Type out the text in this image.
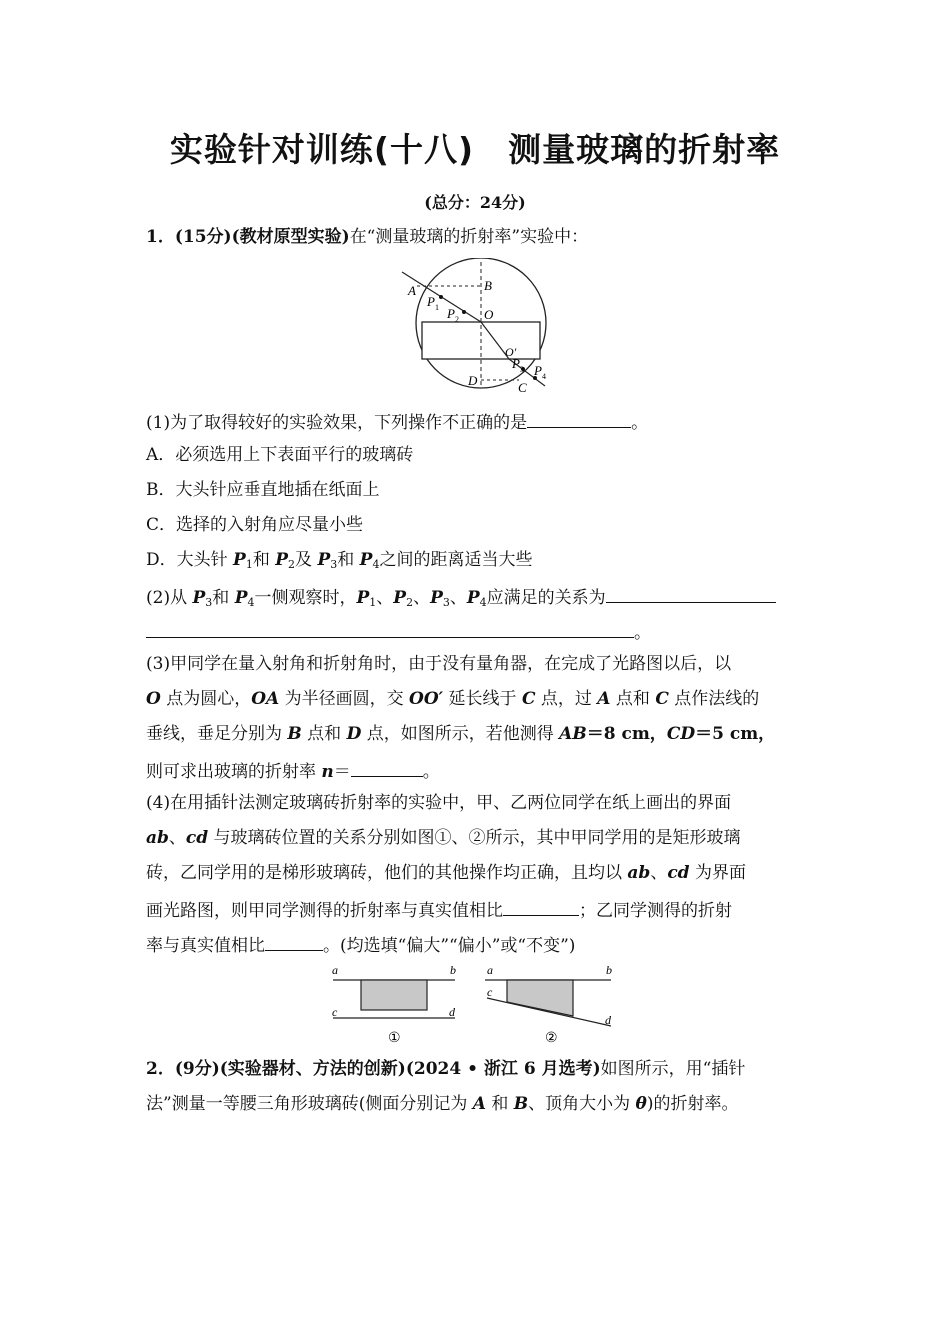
实验针对训练(十八) 测量玻璃的折射率
(总分：24分)
1．(15分)(教材原型实验)在“测量玻璃的折射率”实验中：
A	B
O
O′
D	C
P 1 P 2
P 3 P 4
(1)为了取得较好的实验效果，下列操作不正确的是	。
A．必须选用上下表面平行的玻璃砖
B．大头针应垂直地插在纸面上
C．选择的入射角应尽量小些
D．大头针 $P_1$和 $P_2$及 $P_3$和 $P_4$之间的距离适当大些
(2)从 $P_3$和 $P_4$一侧观察时，$P_1$、$P_2$、$P_3$、$P_4$应满足的关系为
。
(3)甲同学在量入射角和折射角时，由于没有量角器，在完成了光路图以后，以
O 点为圆心，OA 为半径画圆，交 OO′ 延长线于 C 点，过 A 点和 C 点作法线的
垂线，垂足分别为 B 点和 D 点，如图所示，若他测得 AB＝8 cm，CD＝5 cm，
则可求出玻璃的折射率 n＝	。
(4)在用插针法测定玻璃砖折射率的实验中，甲、乙两位同学在纸上画出的界面
ab、cd 与玻璃砖位置的关系分别如图①、②所示，其中甲同学用的是矩形玻璃
砖，乙同学用的是梯形玻璃砖，他们的其他操作均正确，且均以 ab、cd 为界面
画光路图，则甲同学测得的折射率与真实值相比	；乙同学测得的折射
率与真实值相比	。(均选填“偏大”“偏小”或“不变”)
a	b
c	d
①
a	b
c
d
②
2．(9分)(实验器材、方法的创新)(2024 • 浙江 6 月选考)如图所示，用“插针
法”测量一等腰三角形玻璃砖(侧面分别记为 A 和 B、顶角大小为 θ)的折射率。
